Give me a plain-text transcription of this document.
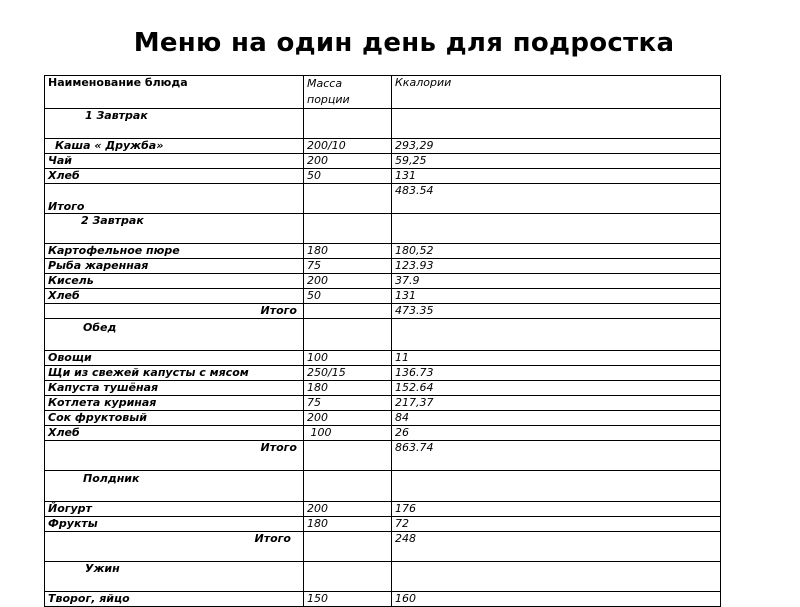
Меню на один день для подростка
Наименование блюда	Масса порции	Ккалории
1 Завтрак		
Каша « Дружба»	200/10	293,29
Чай	200	59,25
Хлеб	50	131
Итого		483.54
2 Завтрак		
Картофельное пюре	180	180,52
Рыба жаренная	75	123.93
Кисель	200	37.9
Хлеб	50	131
Итого		473.35
Обед		
Овощи	100	11
Щи из свежей капусты с мясом	250/15	136.73
Капуста тушёная	180	152.64
Котлета куриная	75	217,37
Сок фруктовый	200	84
Хлеб	100	26
Итого		863.74
Полдник		
Йогурт	200	176
Фрукты	180	72
Итого		248
Ужин		
Творог, яйцо	150	160
